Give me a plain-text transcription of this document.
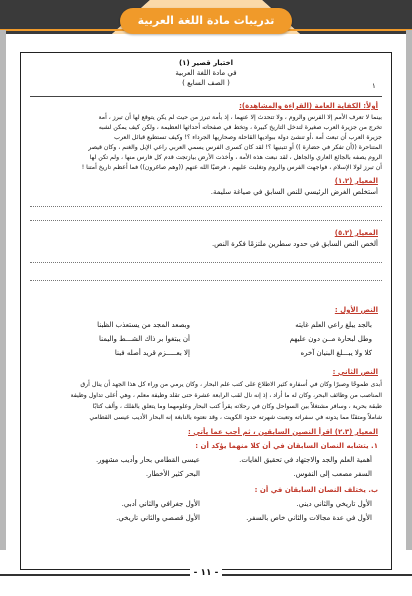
تدريبات مادة اللغة العربية
اختبار قصير (١)
في مادة اللغة العربية
( الصف السابع )	١
أولاً: الكفاية العامة (القراءة والمشاهدة):
بينما لا تعرف الأمم إلا الفرس والروم ، ولا تتحدث إلا عنهما ، إذ بأمة تبرز من حيث لم يكن يتوقع لها أن تبرز ، أمة
تخرج من جزيرة العرب صغيرة لتدخل التاريخ كبيرة ، وتخط في صفحاته أحداثها العظيمة ، ولكن كيف يمكن لشبه
جزيرة العرب أن تبعث أمة ،أو تنشئ دولة ببواديها القاحلة وصحاريها الجرداء ؟! وكيف تستطيع قبائل العرب
المتناحرة ((أن تفكر في حضارة )) أو تتبنيها ؟! لقد كان كسرى الفرس يسمي العربي راعي الإبل والغنم ، وكان قيصر
الروم يصفه بالجائع العاري والجاهل ، لقد نبعت هذه الأمة ، وأخذت الأرض بيازتجت قدم كل فارس منها ، ولم تكن لها
أن تبرز لولا الإسلام ، فواجهت الفرس والروم وتغلبت عليهم ، فرضيًا الله عنهم ((وهم صاغرون)) فما أعظم تاريخ أمتنا !
المعيار (١.٢)
أستخلص الغرض الرئيسي للنص السابق في صياغة سليمة.
المعيار (٥.٢)
ألخص النص السابق في حدود سطرين ملتزمًا فكرة النص.
النص الأول :
بالجد يبلغ راعي العلم غايته
وبصعد المجد من يستعذب الظبنا
وطل لبحارة مــن دون عليهم
أن يبتغوا بر ذاك الشـــط واليمنا
كلا ولا يبـــلغ البنيان آخره
إلا بعـــــزم قريد أصله فبنا
النص الثاني :
أبدى طموحًا وصبرًا وكان في أسفاره كثير الاطلاع على كتب علم البحار ، وكان يرمي من وراء كل هذا الجهد أن ينال أرق
المناصب من وظائف البحر، وكان له ما أراد ، إذ إنه نال لقب الرابعة عشرة حتى تقلد وظيفة معلم ، وهي أعلى تداول وظيفة
طبقة بحرية ، وسافر مشتغلاً بين السواحل وكان في رحلاته يقرأ كتب البحار وعلومهما وما يتعلق بالفلك ، وألف كتابًا
شاملاً ومتقنًا مما يدونه في سفراته وتعبت شهرته حدود الكويت ، وقد نعتوه بالنابغة إنه البحار الأديب عيسى القطامي
المعيار (٢.٣) اقرأ النصين السابقين ، ثم أجب عما يأتي :
١. يتشابه النصان السابقان في أن كلا منهما يؤكد أن :
أهمية العلم والجد والاجتهاد في تحقيق الغايات.
عيسى القطامي بحار وأديب مشهور.
السفر مصعب إلى النفوس.
البحر كثير الأخطار.
ب. يختلف النصان السابقان في أن :
الأول تاريخي والثاني ديني.
الأول جغرافي والثاني أدبي.
الأول في عدة مجالات والثاني خاص بالسفر.
الأول قصصي والثاني تاريخي.
- ١١ -
